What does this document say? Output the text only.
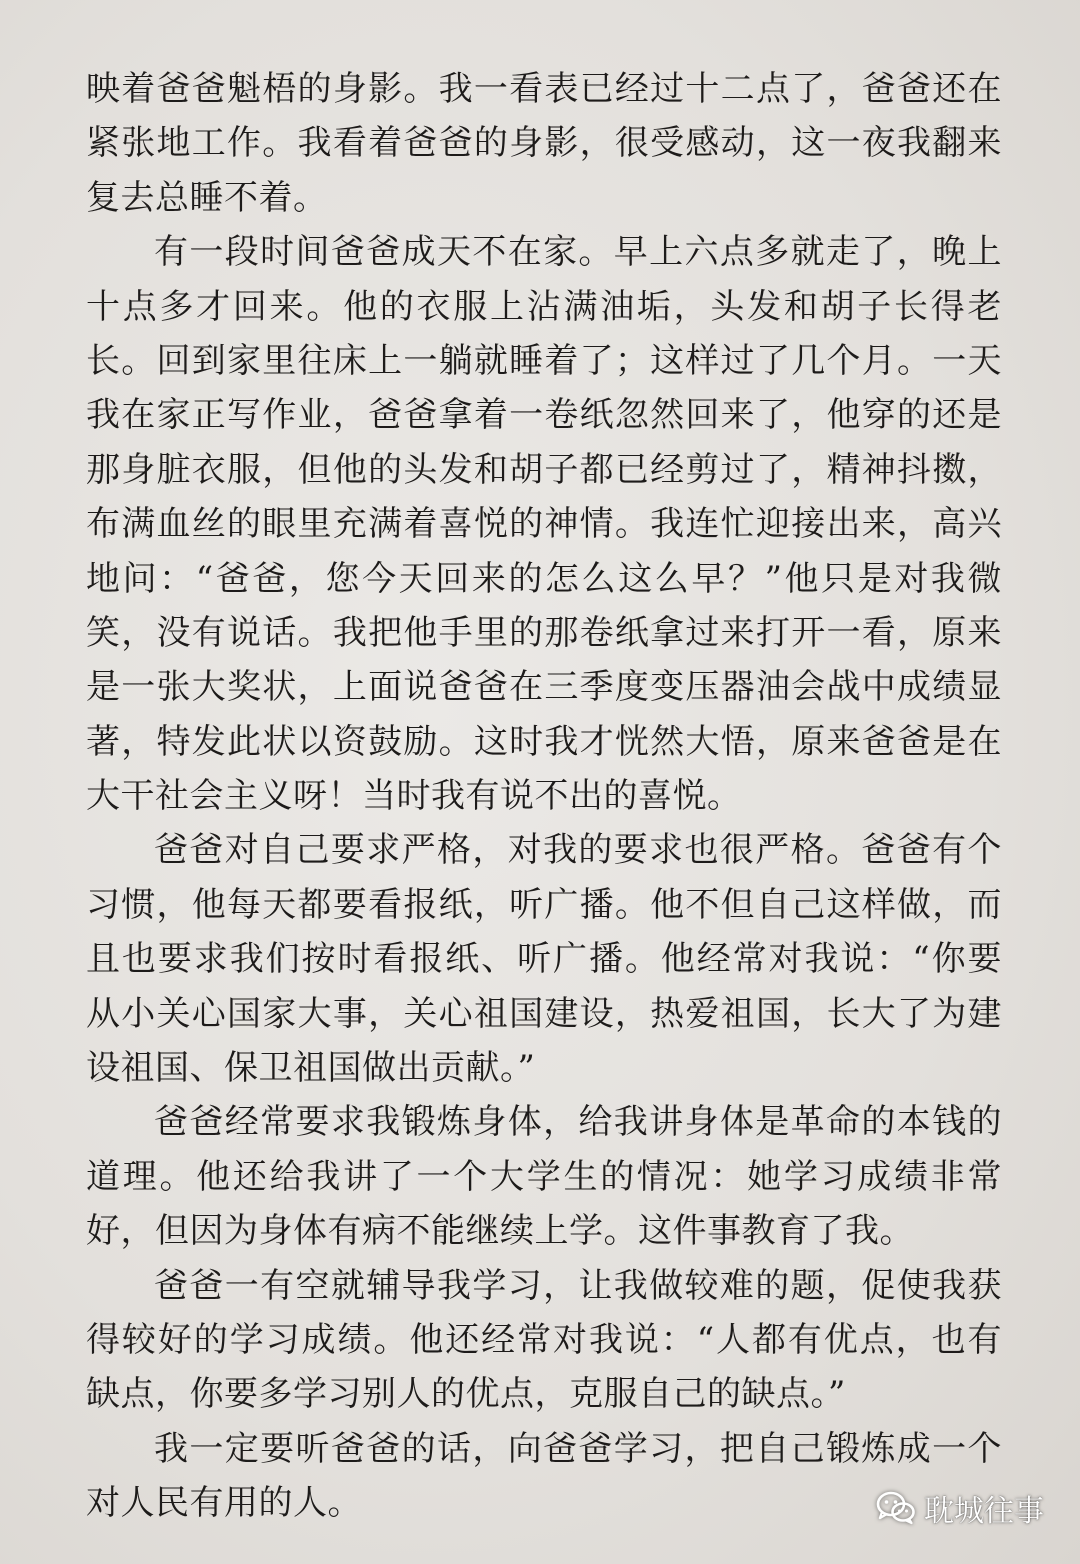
映着爸爸魁梧的身影。我一看表已经过十二点了，爸爸还在
紧张地工作。我看着爸爸的身影，很受感动，这一夜我翻来
复去总睡不着。
有一段时间爸爸成天不在家。早上六点多就走了，晚上
十点多才回来。他的衣服上沾满油垢，头发和胡子长得老
长。回到家里往床上一躺就睡着了；这样过了几个月。一天
我在家正写作业，爸爸拿着一卷纸忽然回来了，他穿的还是
那身脏衣服，但他的头发和胡子都已经剪过了，精神抖擞，
布满血丝的眼里充满着喜悦的神情。我连忙迎接出来，高兴
地问：“爸爸，您今天回来的怎么这么早？”他只是对我微
笑，没有说话。我把他手里的那卷纸拿过来打开一看，原来
是一张大奖状，上面说爸爸在三季度变压器油会战中成绩显
著，特发此状以资鼓励。这时我才恍然大悟，原来爸爸是在
大干社会主义呀！当时我有说不出的喜悦。
爸爸对自己要求严格，对我的要求也很严格。爸爸有个
习惯，他每天都要看报纸，听广播。他不但自己这样做，而
且也要求我们按时看报纸、听广播。他经常对我说：“你要
从小关心国家大事，关心祖国建设，热爱祖国，长大了为建
设祖国、保卫祖国做出贡献。”
爸爸经常要求我锻炼身体，给我讲身体是革命的本钱的
道理。他还给我讲了一个大学生的情况：她学习成绩非常
好，但因为身体有病不能继续上学。这件事教育了我。
爸爸一有空就辅导我学习，让我做较难的题，促使我获
得较好的学习成绩。他还经常对我说：“人都有优点，也有
缺点，你要多学习别人的优点，克服自己的缺点。”
我一定要听爸爸的话，向爸爸学习，把自己锻炼成一个
对人民有用的人。	耽城往事
